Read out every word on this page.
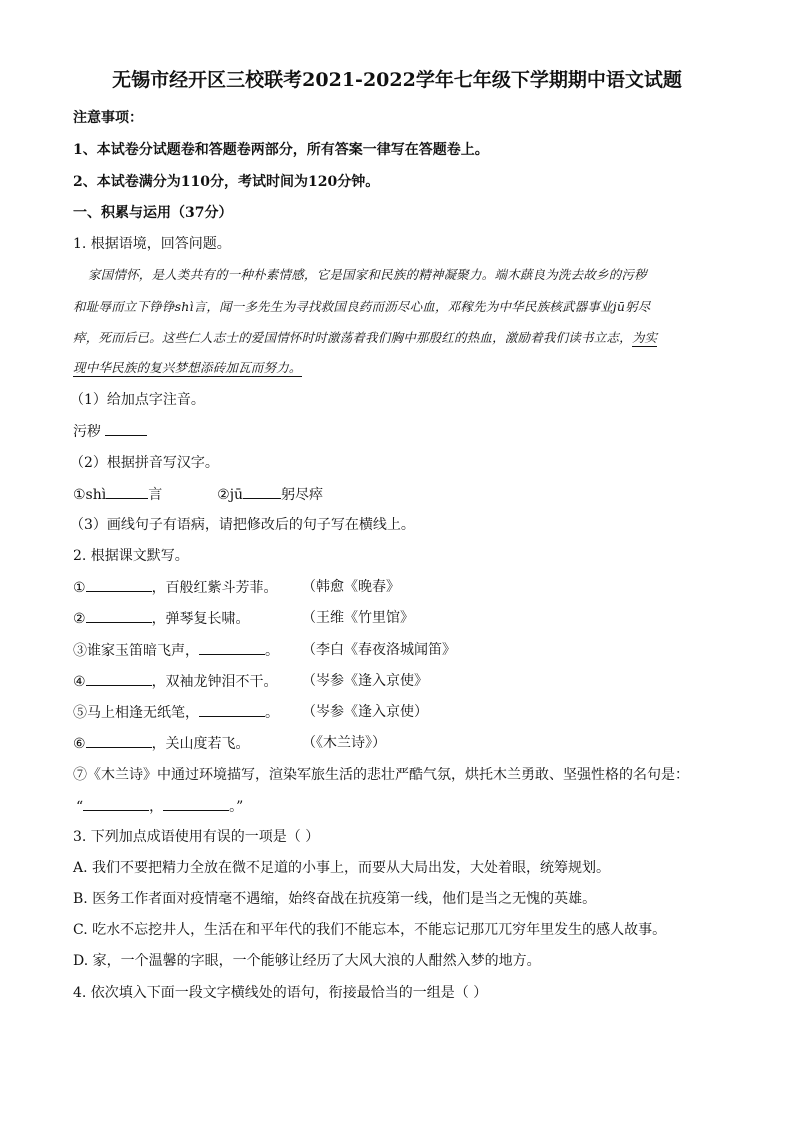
无锡市经开区三校联考2021-2022学年七年级下学期期中语文试题
注意事项：
1、本试卷分试题卷和答题卷两部分，所有答案一律写在答题卷上。
2、本试卷满分为110分，考试时间为120分钟。
一、积累与运用（37分）
1. 根据语境，回答问题。
家国情怀，是人类共有的一种朴素情感，它是国家和民族的精神凝聚力。端木蕻良为洗去故乡的污秽
和耻辱而立下铮铮shì言，闻一多先生为寻找救国良药而沥尽心血，邓稼先为中华民族核武器事业jū躬尽
瘁，死而后已。这些仁人志士的爱国情怀时时激荡着我们胸中那殷红的热血，激励着我们读书立志，为实
现中华民族的复兴梦想添砖加瓦而努力。
（1）给加点字注音。
污秽
（2）根据拼音写汉字。
①shì	言	②jū	躬尽瘁
（3）画线句子有语病，请把修改后的句子写在横线上。
2. 根据课文默写。
①	，百般红紫斗芳菲。 （韩愈《晚春》
②	，弹琴复长啸。	（王维《竹里馆》
③谁家玉笛暗飞声，	。 （李白《春夜洛城闻笛》
④	，双袖龙钟泪不干。 （岑参《逢入京使》
⑤马上相逢无纸笔，	。 （岑参《逢入京使）
⑥	，关山度若飞。	（《木兰诗》）
⑦《木兰诗》中通过环境描写，渲染军旅生活的悲壮严酷气氛，烘托木兰勇敢、坚强性格的名句是：
“	，	。”
3. 下列加点成语使用有误的一项是（ ）
A. 我们不要把精力全放在微不足道的小事上，而要从大局出发，大处着眼，统筹规划。
B. 医务工作者面对疫情毫不遇缩，始终奋战在抗疫第一线，他们是当之无愧的英雄。
C. 吃水不忘挖井人，生活在和平年代的我们不能忘本，不能忘记那兀兀穷年里发生的感人故事。
D. 家，一个温馨的字眼，一个能够让经历了大风大浪的人酣然入梦的地方。
4. 依次填入下面一段文字横线处的语句，衔接最恰当的一组是（ ）
